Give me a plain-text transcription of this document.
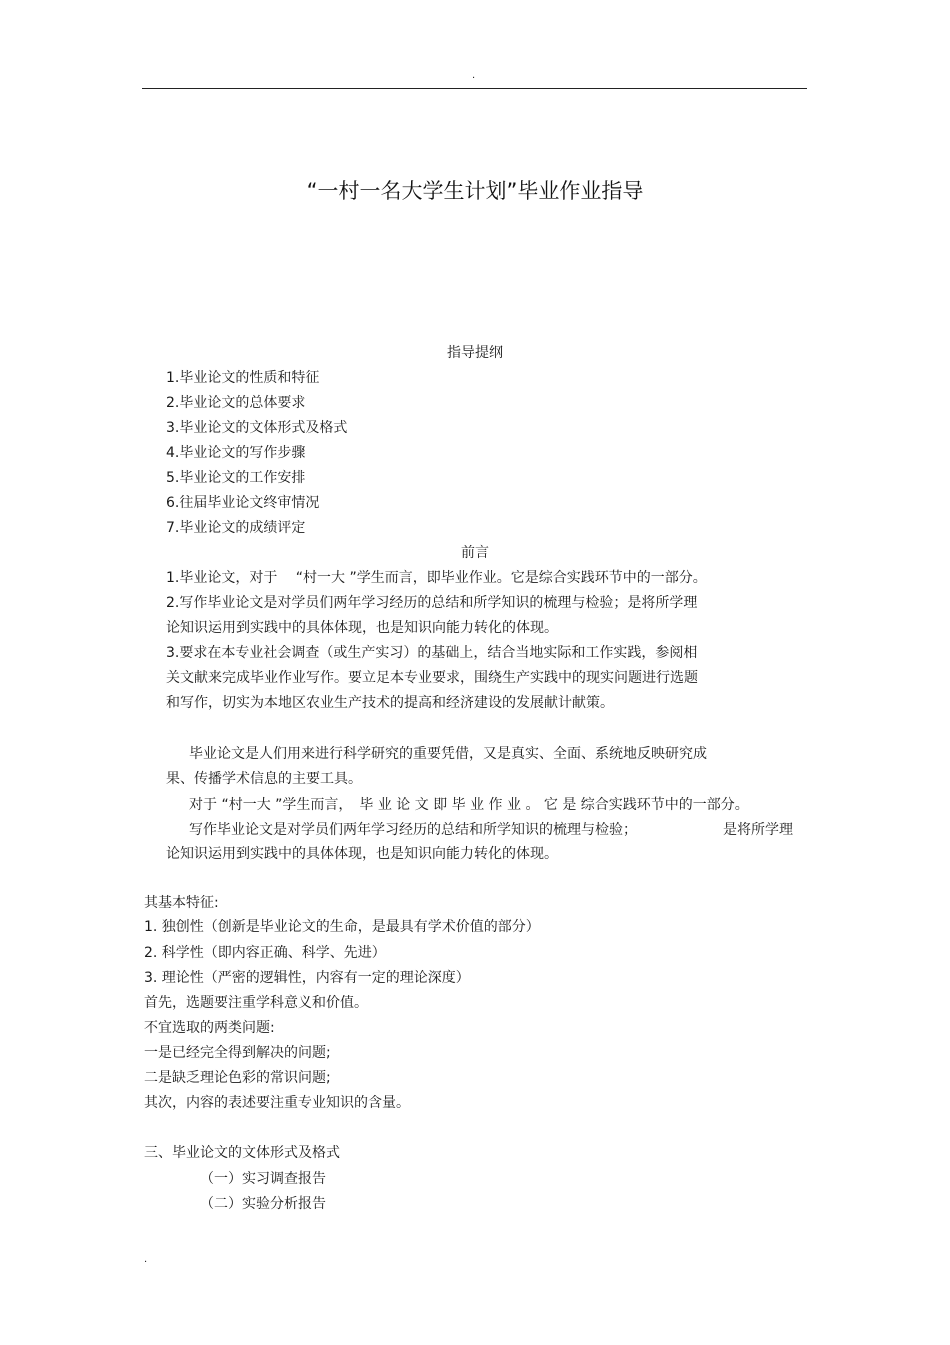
.
“一村一名大学生计划”毕业作业指导
指导提纲
1.毕业论文的性质和特征
2.毕业论文的总体要求
3.毕业论文的文体形式及格式
4.毕业论文的写作步骤
5.毕业论文的工作安排
6.往届毕业论文终审情况
7.毕业论文的成绩评定
前言
1.毕业论文，对于　 “村一大 ”学生而言，即毕业作业。它是综合实践环节中的一部分。
2.写作毕业论文是对学员们两年学习经历的总结和所学知识的梳理与检验；是将所学理
论知识运用到实践中的具体体现，也是知识向能力转化的体现。
3.要求在本专业社会调查（或生产实习）的基础上，结合当地实际和工作实践，参阅相
关文献来完成毕业作业写作。要立足本专业要求，围绕生产实践中的现实问题进行选题
和写作，切实为本地区农业生产技术的提高和经济建设的发展献计献策。
毕业论文是人们用来进行科学研究的重要凭借，又是真实、全面、系统地反映研究成
果、传播学术信息的主要工具。
对于 “村一大 ”学生而言，　毕 业 论 文 即 毕 业 作 业 。 它 是 综合实践环节中的一部分。
写作毕业论文是对学员们两年学习经历的总结和所学知识的梳理与检验；	是将所学理
论知识运用到实践中的具体体现，也是知识向能力转化的体现。
其基本特征:
1. 独创性（创新是毕业论文的生命，是最具有学术价值的部分）
2. 科学性（即内容正确、科学、先进）
3. 理论性（严密的逻辑性，内容有一定的理论深度）
首先，选题要注重学科意义和价值。
不宜选取的两类问题:
一是已经完全得到解决的问题;
二是缺乏理论色彩的常识问题;
其次，内容的表述要注重专业知识的含量。
三、毕业论文的文体形式及格式
（一）实习调查报告
（二）实验分析报告
.
